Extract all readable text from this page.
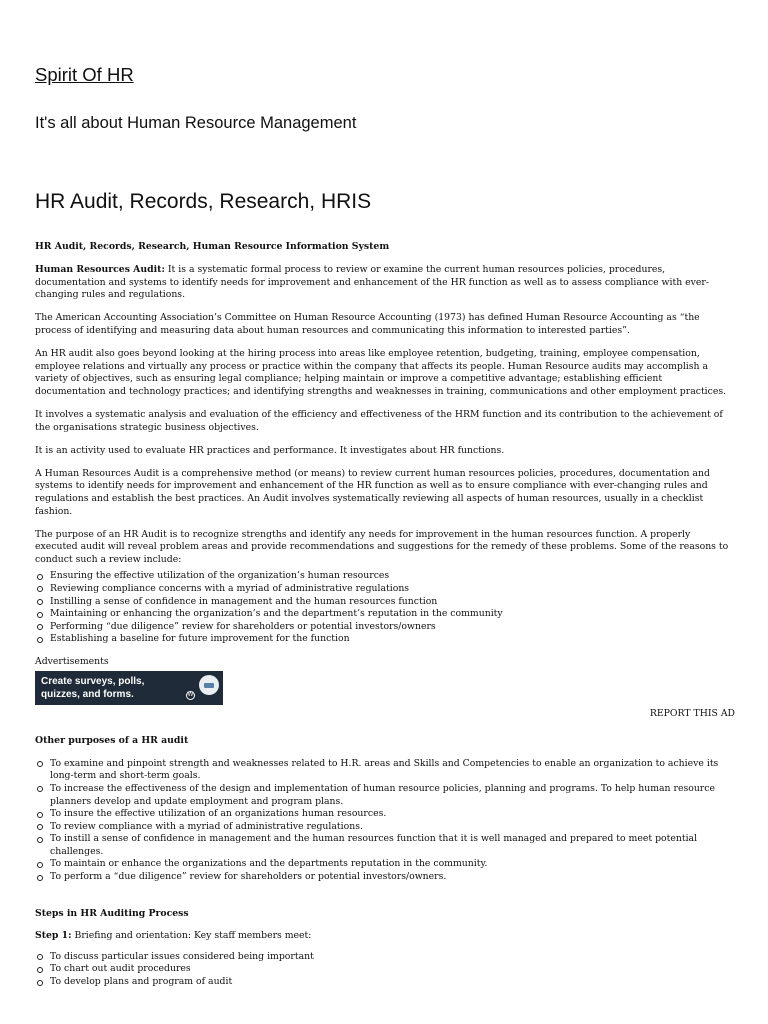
Spirit Of HR
It's all about Human Resource Management
HR Audit, Records, Research, HRIS

HR Audit, Records, Research, Human Resource Information System

Human Resources Audit: It is a systematic formal process to review or examine the current human resources policies, procedures, documentation and systems to identify needs for improvement and enhancement of the HR function as well as to assess compliance with ever-changing rules and regulations.

The American Accounting Association’s Committee on Human Resource Accounting (1973) has defined Human Resource Accounting as “the process of identifying and measuring data about human resources and communicating this information to interested parties”.

An HR audit also goes beyond looking at the hiring process into areas like employee retention, budgeting, training, employee compensation, employee relations and virtually any process or practice within the company that affects its people. Human Resource audits may accomplish a variety of objectives, such as ensuring legal compliance; helping maintain or improve a competitive advantage; establishing efficient documentation and technology practices; and identifying strengths and weaknesses in training, communications and other employment practices.

It involves a systematic analysis and evaluation of the efficiency and effectiveness of the HRM function and its contribution to the achievement of the organisations strategic business objectives.

It is an activity used to evaluate HR practices and performance. It investigates about HR functions.

A Human Resources Audit is a comprehensive method (or means) to review current human resources policies, procedures, documentation and systems to identify needs for improvement and enhancement of the HR function as well as to ensure compliance with ever-changing rules and regulations and establish the best practices. An Audit involves systematically reviewing all aspects of human resources, usually in a checklist fashion.

The purpose of an HR Audit is to recognize strengths and identify any needs for improvement in the human resources function. A properly executed audit will reveal problem areas and provide recommendations and suggestions for the remedy of these problems. Some of the reasons to conduct such a review include:

Ensuring the effective utilization of the organization’s human resources
Reviewing compliance concerns with a myriad of administrative regulations
Instilling a sense of confidence in management and the human resources function
Maintaining or enhancing the organization’s and the department’s reputation in the community
Performing “due diligence” review for shareholders or potential investors/owners
Establishing a baseline for future improvement for the function
Advertisements
Create surveys, polls,
quizzes, and forms.	W
REPORT THIS AD
Other purposes of a HR audit
To examine and pinpoint strength and weaknesses related to H.R. areas and Skills and Competencies to enable an organization to achieve its long-term and short-term goals.
To increase the effectiveness of the design and implementation of human resource policies, planning and programs. To help human resource planners develop and update employment and program plans.
To insure the effective utilization of an organizations human resources.
To review compliance with a myriad of administrative regulations.
To instill a sense of confidence in management and the human resources function that it is well managed and prepared to meet potential challenges.
To maintain or enhance the organizations and the departments reputation in the community.
To perform a “due diligence” review for shareholders or potential investors/owners.
Steps in HR Auditing Process

Step 1: Briefing and orientation: Key staff members meet:

To discuss particular issues considered being important
To chart out audit procedures
To develop plans and program of audit
